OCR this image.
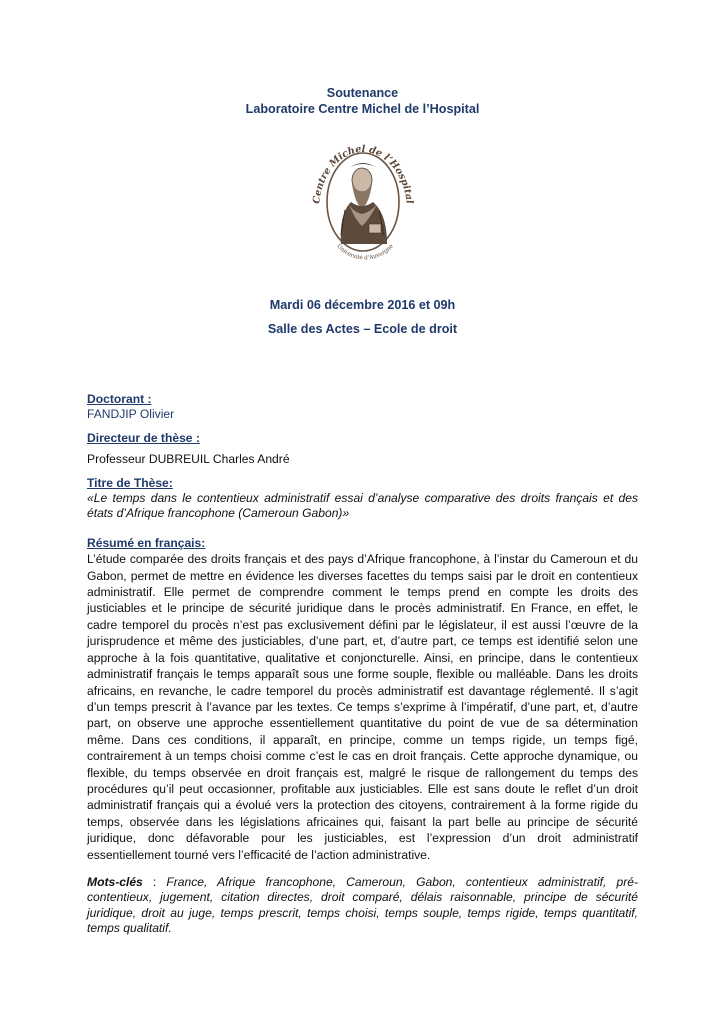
Soutenance
Laboratoire Centre Michel de l’Hospital
Centre Michel de l’Hospital
Université d’Auvergne
Mardi 06 décembre 2016 et 09h
Salle des Actes – Ecole de droit
Doctorant :
FANDJIP Olivier
Directeur de thèse :
Professeur DUBREUIL Charles André
Titre de Thèse:
«Le temps dans le contentieux administratif essai d’analyse comparative des droits français et des états d’Afrique francophone (Cameroun Gabon)»
Résumé en français:
L’étude comparée des droits français et des pays d’Afrique francophone, à l’instar du Cameroun et du Gabon, permet de mettre en évidence les diverses facettes du temps saisi par le droit en contentieux administratif. Elle permet de comprendre comment le temps prend en compte les droits des justiciables et le principe de sécurité juridique dans le procès administratif. En France, en effet, le cadre temporel du procès n’est pas exclusivement défini par le législateur, il est aussi l’œuvre de la jurisprudence et même des justiciables, d’une part, et, d’autre part, ce temps est identifié selon une approche à la fois quantitative, qualitative et conjoncturelle. Ainsi, en principe, dans le contentieux administratif français le temps apparaît sous une forme souple, flexible ou malléable. Dans les droits africains, en revanche, le cadre temporel du procès administratif est davantage réglementé. Il s’agit d’un temps prescrit à l’avance par les textes. Ce temps s’exprime à l’impératif, d’une part, et, d’autre part, on observe une approche essentiellement quantitative du point de vue de sa détermination même. Dans ces conditions, il apparaît, en principe, comme un temps rigide, un temps figé, contrairement à un temps choisi comme c’est le cas en droit français. Cette approche dynamique, ou flexible, du temps observée en droit français est, malgré le risque de rallongement du temps des procédures qu’il peut occasionner, profitable aux justiciables. Elle est sans doute le reflet d’un droit administratif français qui a évolué vers la protection des citoyens, contrairement à la forme rigide du temps, observée dans les législations africaines qui, faisant la part belle au principe de sécurité juridique, donc défavorable pour les justiciables, est l’expression d’un droit administratif essentiellement tourné vers l’efficacité de l’action administrative.
Mots-clés : France, Afrique francophone, Cameroun, Gabon, contentieux administratif, pré-contentieux, jugement, citation directes, droit comparé, délais raisonnable, principe de sécurité juridique, droit au juge, temps prescrit, temps choisi, temps souple, temps rigide, temps quantitatif, temps qualitatif.
